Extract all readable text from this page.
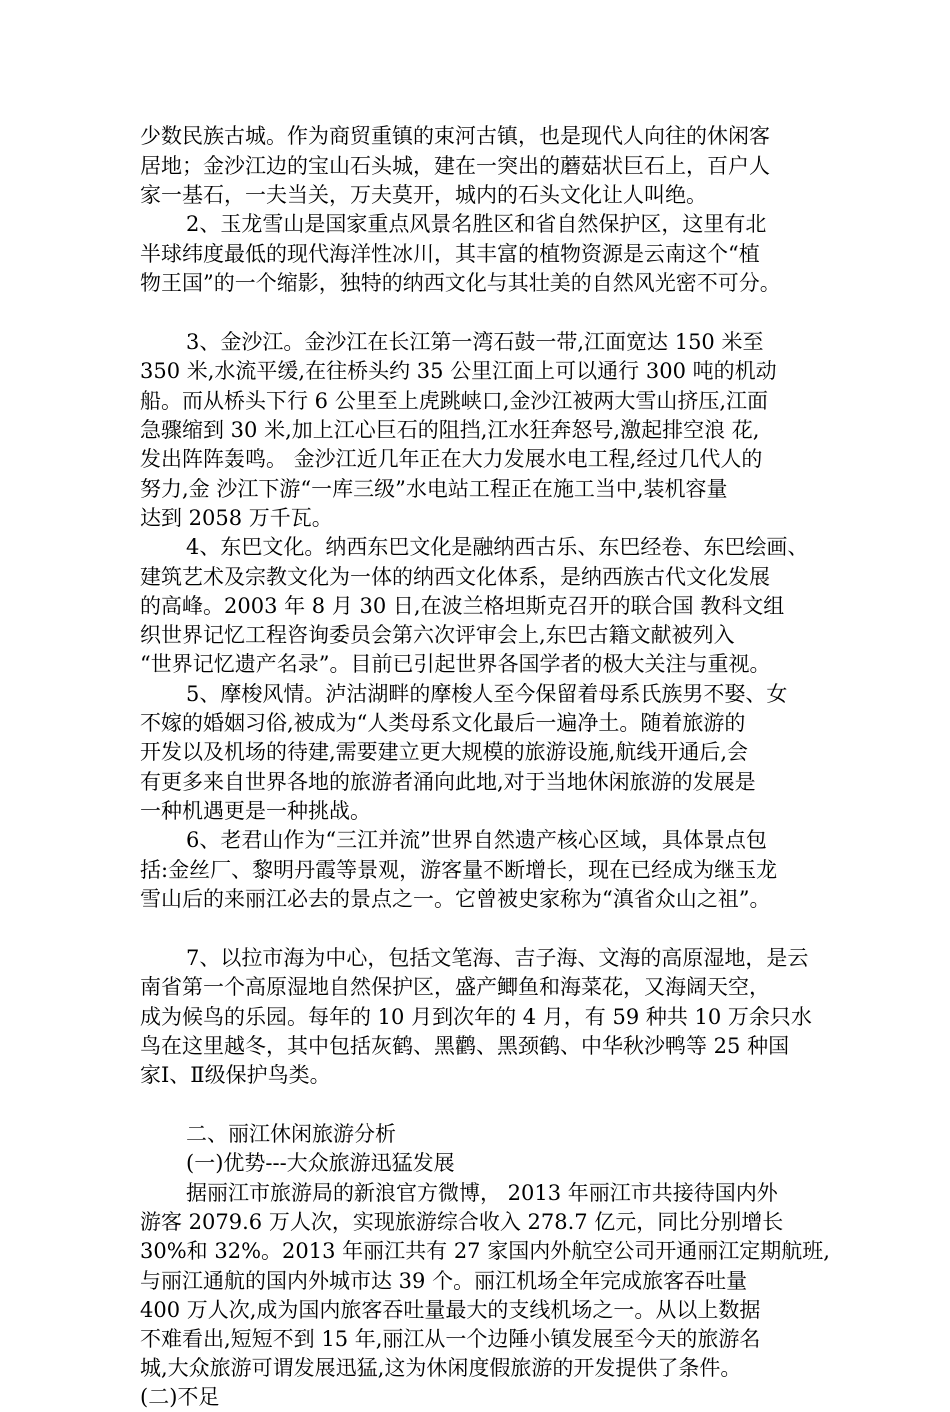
少数民族古城。作为商贸重镇的束河古镇，也是现代人向往的休闲客
居地；金沙江边的宝山石头城，建在一突出的蘑菇状巨石上，百户人
家一基石，一夫当关，万夫莫开，城内的石头文化让人叫绝。
2、玉龙雪山是国家重点风景名胜区和省自然保护区，这里有北
半球纬度最低的现代海洋性冰川，其丰富的植物资源是云南这个“植
物王国”的一个缩影，独特的纳西文化与其壮美的自然风光密不可分。
3、金沙江。金沙江在长江第一湾石鼓一带,江面宽达 150 米至
350 米,水流平缓,在往桥头约 35 公里江面上可以通行 300 吨的机动
船。而从桥头下行 6 公里至上虎跳峡口,金沙江被两大雪山挤压,江面
急骤缩到 30 米,加上江心巨石的阻挡,江水狂奔怒号,激起排空浪 花,
发出阵阵轰鸣。 金沙江近几年正在大力发展水电工程,经过几代人的
努力,金 沙江下游“一库三级”水电站工程正在施工当中,装机容量
达到 2058 万千瓦。
4、东巴文化。纳西东巴文化是融纳西古乐、东巴经卷、东巴绘画、
建筑艺术及宗教文化为一体的纳西文化体系，是纳西族古代文化发展
的高峰。2003 年 8 月 30 日,在波兰格坦斯克召开的联合国 教科文组
织世界记忆工程咨询委员会第六次评审会上,东巴古籍文献被列入
“世界记忆遗产名录”。目前已引起世界各国学者的极大关注与重视。
5、摩梭风情。泸沽湖畔的摩梭人至今保留着母系氏族男不娶、女
不嫁的婚姻习俗,被成为“人类母系文化最后一遍净土。随着旅游的
开发以及机场的待建,需要建立更大规模的旅游设施,航线开通后,会
有更多来自世界各地的旅游者涌向此地,对于当地休闲旅游的发展是
一种机遇更是一种挑战。
6、老君山作为“三江并流”世界自然遗产核心区域，具体景点包
括:金丝厂、黎明丹霞等景观，游客量不断增长，现在已经成为继玉龙
雪山后的来丽江必去的景点之一。它曾被史家称为“滇省众山之祖”。
7、以拉市海为中心，包括文笔海、吉子海、文海的高原湿地，是云
南省第一个高原湿地自然保护区，盛产鲫鱼和海菜花，又海阔天空，
成为候鸟的乐园。每年的 10 月到次年的 4 月，有 59 种共 10 万余只水
鸟在这里越冬，其中包括灰鹤、黑鹳、黑颈鹤、中华秋沙鸭等 25 种国
家Ⅰ、Ⅱ级保护鸟类。
二、丽江休闲旅游分析
(一)优势---大众旅游迅猛发展
据丽江市旅游局的新浪官方微博， 2013 年丽江市共接待国内外
游客 2079.6 万人次，实现旅游综合收入 278.7 亿元，同比分别增长
30%和 32%。2013 年丽江共有 27 家国内外航空公司开通丽江定期航班,
与丽江通航的国内外城市达 39 个。丽江机场全年完成旅客吞吐量
400 万人次,成为国内旅客吞吐量最大的支线机场之一。从以上数据
不难看出,短短不到 15 年,丽江从一个边陲小镇发展至今天的旅游名
城,大众旅游可谓发展迅猛,这为休闲度假旅游的开发提供了条件。
(二)不足
